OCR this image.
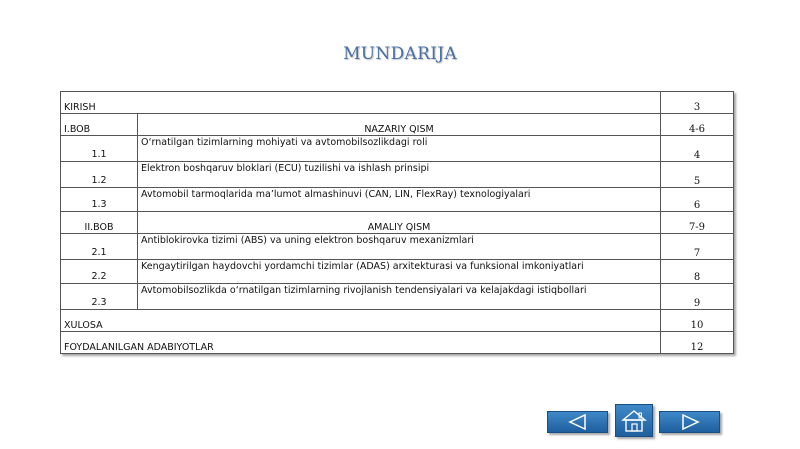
MUNDARIJA
KIRISH		3
I.BOB	NAZARIY QISM	4-6
1.1	O‘rnatilgan tizimlarning mohiyati va avtomobilsozlikdagi roli	4
1.2	Elektron boshqaruv bloklari (ECU) tuzilishi va ishlash prinsipi	5
1.3	Avtomobil tarmoqlarida ma’lumot almashinuvi (CAN, LIN, FlexRay) texnologiyalari	6
II.BOB	AMALIY QISM	7-9
2.1	Antiblokirovka tizimi (ABS) va uning elektron boshqaruv mexanizmlari	7
2.2	Kengaytirilgan haydovchi yordamchi tizimlar (ADAS) arxitekturasi va funksional imkoniyatlari	8
2.3	Avtomobilsozlikda o‘rnatilgan tizimlarning rivojlanish tendensiyalari va kelajakdagi istiqbollari	9
XULOSA		10
FOYDALANILGAN ADABIYOTLAR		12
